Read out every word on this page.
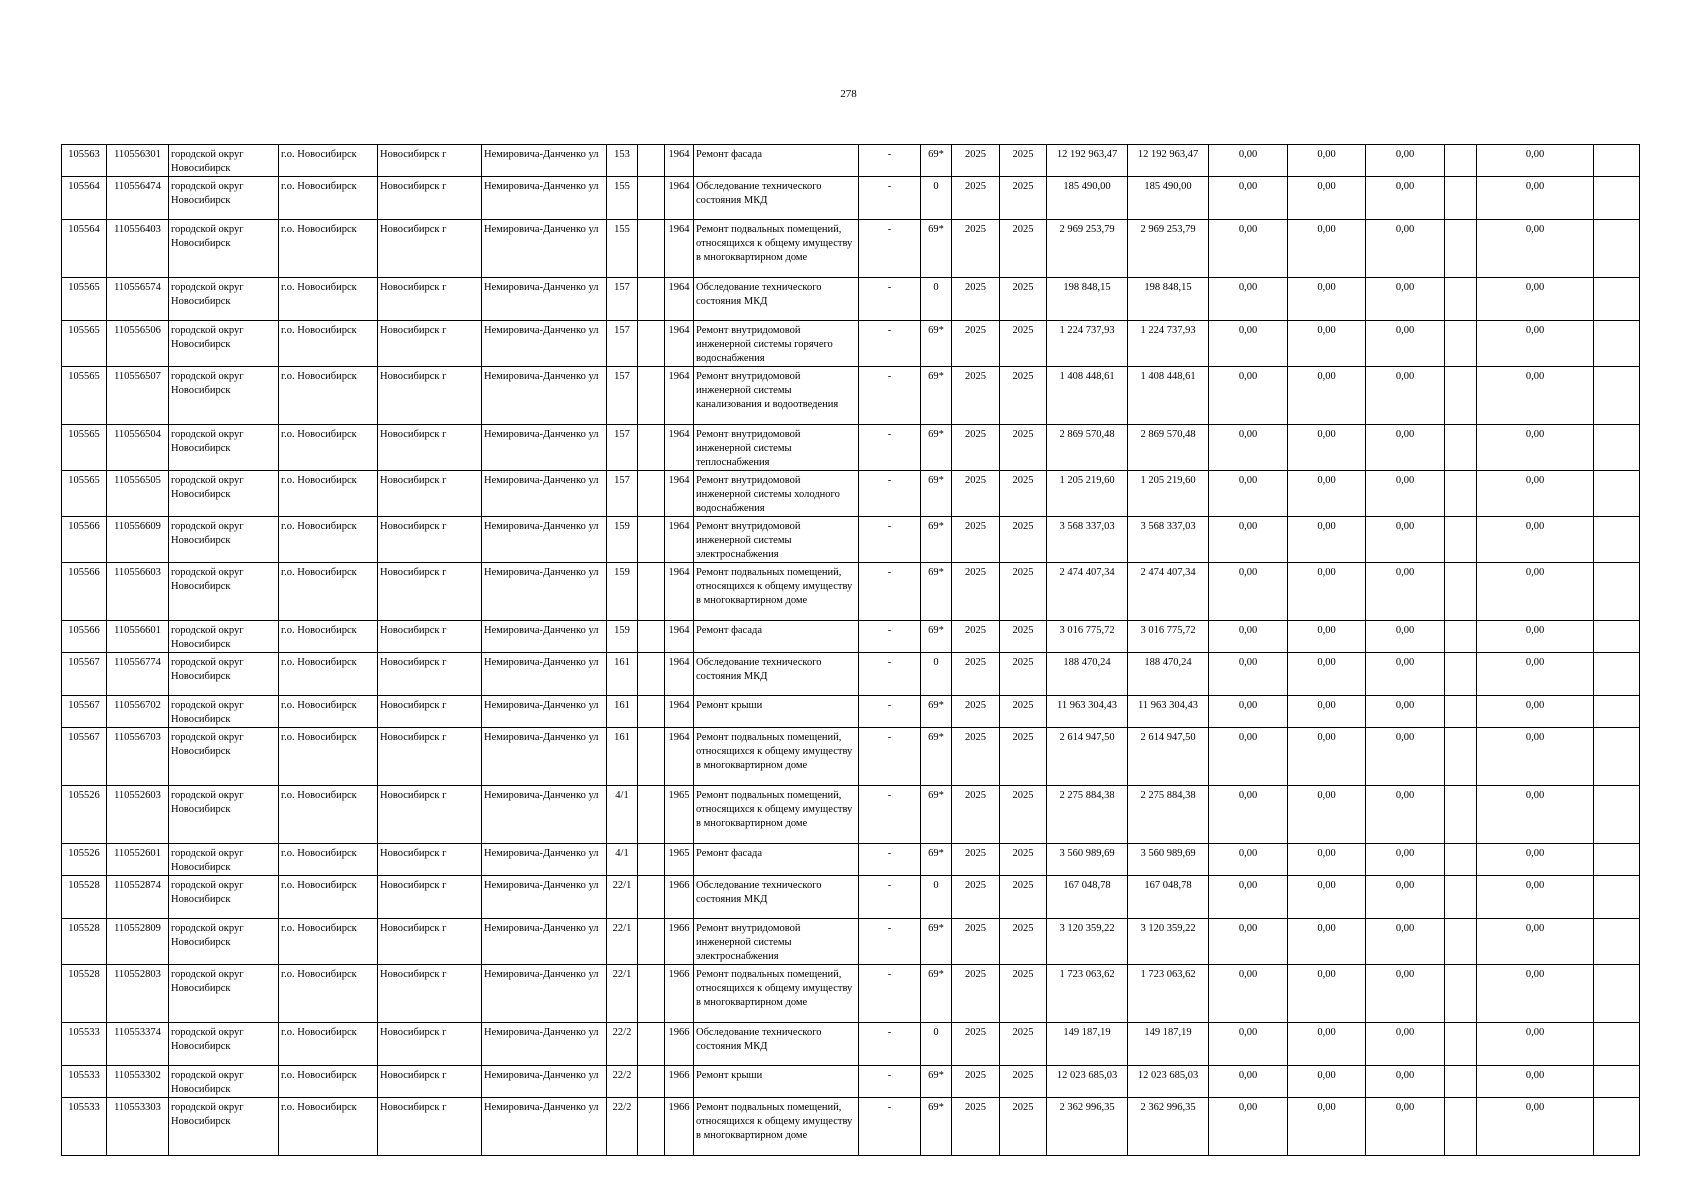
278
105563	110556301	городской округ Новосибирск	г.о. Новосибирск	Новосибирск г	Немировича-Данченко ул	153		1964	Ремонт фасада	-	69*	2025	2025	12 192 963,47	12 192 963,47	0,00	0,00	0,00		0,00	
105564	110556474	городской округ Новосибирск	г.о. Новосибирск	Новосибирск г	Немировича-Данченко ул	155		1964	Обследование технического состояния МКД	-	0	2025	2025	185 490,00	185 490,00	0,00	0,00	0,00		0,00	
105564	110556403	городской округ Новосибирск	г.о. Новосибирск	Новосибирск г	Немировича-Данченко ул	155		1964	Ремонт подвальных помещений, относящихся к общему имуществу в многоквартирном доме	-	69*	2025	2025	2 969 253,79	2 969 253,79	0,00	0,00	0,00		0,00	
105565	110556574	городской округ Новосибирск	г.о. Новосибирск	Новосибирск г	Немировича-Данченко ул	157		1964	Обследование технического состояния МКД	-	0	2025	2025	198 848,15	198 848,15	0,00	0,00	0,00		0,00	
105565	110556506	городской округ Новосибирск	г.о. Новосибирск	Новосибирск г	Немировича-Данченко ул	157		1964	Ремонт внутридомовой инженерной системы горячего водоснабжения	-	69*	2025	2025	1 224 737,93	1 224 737,93	0,00	0,00	0,00		0,00	
105565	110556507	городской округ Новосибирск	г.о. Новосибирск	Новосибирск г	Немировича-Данченко ул	157		1964	Ремонт внутридомовой инженерной системы канализования и водоотведения	-	69*	2025	2025	1 408 448,61	1 408 448,61	0,00	0,00	0,00		0,00	
105565	110556504	городской округ Новосибирск	г.о. Новосибирск	Новосибирск г	Немировича-Данченко ул	157		1964	Ремонт внутридомовой инженерной системы теплоснабжения	-	69*	2025	2025	2 869 570,48	2 869 570,48	0,00	0,00	0,00		0,00	
105565	110556505	городской округ Новосибирск	г.о. Новосибирск	Новосибирск г	Немировича-Данченко ул	157		1964	Ремонт внутридомовой инженерной системы холодного водоснабжения	-	69*	2025	2025	1 205 219,60	1 205 219,60	0,00	0,00	0,00		0,00	
105566	110556609	городской округ Новосибирск	г.о. Новосибирск	Новосибирск г	Немировича-Данченко ул	159		1964	Ремонт внутридомовой инженерной системы электроснабжения	-	69*	2025	2025	3 568 337,03	3 568 337,03	0,00	0,00	0,00		0,00	
105566	110556603	городской округ Новосибирск	г.о. Новосибирск	Новосибирск г	Немировича-Данченко ул	159		1964	Ремонт подвальных помещений, относящихся к общему имуществу в многоквартирном доме	-	69*	2025	2025	2 474 407,34	2 474 407,34	0,00	0,00	0,00		0,00	
105566	110556601	городской округ Новосибирск	г.о. Новосибирск	Новосибирск г	Немировича-Данченко ул	159		1964	Ремонт фасада	-	69*	2025	2025	3 016 775,72	3 016 775,72	0,00	0,00	0,00		0,00	
105567	110556774	городской округ Новосибирск	г.о. Новосибирск	Новосибирск г	Немировича-Данченко ул	161		1964	Обследование технического состояния МКД	-	0	2025	2025	188 470,24	188 470,24	0,00	0,00	0,00		0,00	
105567	110556702	городской округ Новосибирск	г.о. Новосибирск	Новосибирск г	Немировича-Данченко ул	161		1964	Ремонт крыши	-	69*	2025	2025	11 963 304,43	11 963 304,43	0,00	0,00	0,00		0,00	
105567	110556703	городской округ Новосибирск	г.о. Новосибирск	Новосибирск г	Немировича-Данченко ул	161		1964	Ремонт подвальных помещений, относящихся к общему имуществу в многоквартирном доме	-	69*	2025	2025	2 614 947,50	2 614 947,50	0,00	0,00	0,00		0,00	
105526	110552603	городской округ Новосибирск	г.о. Новосибирск	Новосибирск г	Немировича-Данченко ул	4/1		1965	Ремонт подвальных помещений, относящихся к общему имуществу в многоквартирном доме	-	69*	2025	2025	2 275 884,38	2 275 884,38	0,00	0,00	0,00		0,00	
105526	110552601	городской округ Новосибирск	г.о. Новосибирск	Новосибирск г	Немировича-Данченко ул	4/1		1965	Ремонт фасада	-	69*	2025	2025	3 560 989,69	3 560 989,69	0,00	0,00	0,00		0,00	
105528	110552874	городской округ Новосибирск	г.о. Новосибирск	Новосибирск г	Немировича-Данченко ул	22/1		1966	Обследование технического состояния МКД	-	0	2025	2025	167 048,78	167 048,78	0,00	0,00	0,00		0,00	
105528	110552809	городской округ Новосибирск	г.о. Новосибирск	Новосибирск г	Немировича-Данченко ул	22/1		1966	Ремонт внутридомовой инженерной системы электроснабжения	-	69*	2025	2025	3 120 359,22	3 120 359,22	0,00	0,00	0,00		0,00	
105528	110552803	городской округ Новосибирск	г.о. Новосибирск	Новосибирск г	Немировича-Данченко ул	22/1		1966	Ремонт подвальных помещений, относящихся к общему имуществу в многоквартирном доме	-	69*	2025	2025	1 723 063,62	1 723 063,62	0,00	0,00	0,00		0,00	
105533	110553374	городской округ Новосибирск	г.о. Новосибирск	Новосибирск г	Немировича-Данченко ул	22/2		1966	Обследование технического состояния МКД	-	0	2025	2025	149 187,19	149 187,19	0,00	0,00	0,00		0,00	
105533	110553302	городской округ Новосибирск	г.о. Новосибирск	Новосибирск г	Немировича-Данченко ул	22/2		1966	Ремонт крыши	-	69*	2025	2025	12 023 685,03	12 023 685,03	0,00	0,00	0,00		0,00	
105533	110553303	городской округ Новосибирск	г.о. Новосибирск	Новосибирск г	Немировича-Данченко ул	22/2		1966	Ремонт подвальных помещений, относящихся к общему имуществу в многоквартирном доме	-	69*	2025	2025	2 362 996,35	2 362 996,35	0,00	0,00	0,00		0,00	
